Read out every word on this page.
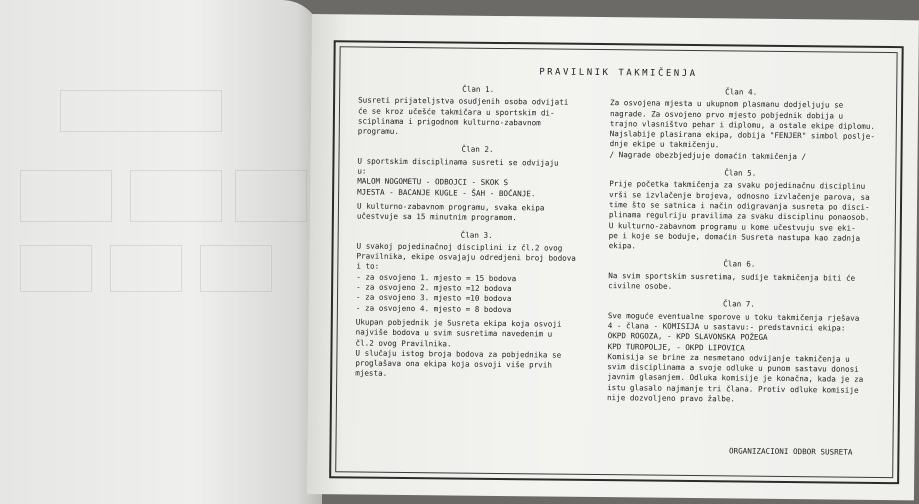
PRAVILNIK TAKMIČENJA
Član 1.
Susreti prijateljstva osudjenih osoba odvijati
će se kroz učešće takmičara u sportskim di-
sciplinama i prigodnom kulturno-zabavnom
programu.
Član 2.
U sportskim disciplinama susreti se odvijaju
u:
MALOM NOGOMETU - ODBOJCI - SKOK S
MJESTA - BACANJE KUGLE - ŠAH - BOĆANJE.
U kulturno-zabavnom programu, svaka ekipa
učestvuje sa 15 minutnim programom.
Član 3.
U svakoj pojedinačnoj disciplini iz čl.2 ovog
Pravilnika, ekipe osvajaju odredjeni broj bodova
i to:
- za osvojeno 1. mjesto = 15 bodova
- za osvojeno 2. mjesto =12 bodova
- za osvojeno 3. mjesto =10 bodova
- za osvojeno 4. mjesto = 8 bodova
Ukupan pobjednik je Susreta ekipa koja osvoji
najviše bodova u svim susretima navedenim u
čl.2 ovog Pravilnika.
U slučaju istog broja bodova za pobjednika se
proglašava ona ekipa koja osvoji više prvih
mjesta.
Član 4.
Za osvojena mjesta u ukupnom plasmanu dodjeljuju se
nagrade. Za osvojeno prvo mjesto pobjednik dobija u
trajno vlasništvo pehar i diplomu, a ostale ekipe diplomu.
Najslabije plasirana ekipa, dobija "FENJER" simbol poslje-
dnje ekipe u takmičenju.
/ Nagrade obezbjedjuje domaćin takmičenja /
Član 5.
Prije početka takmičenja za svaku pojedinačnu disciplinu
vrši se izvlačenje brojeva, odnosno izvlačenje parova, sa
time što se satnica i način odigravanja susreta po disci-
plinama regulriju pravilima za svaku disciplinu ponaosob.
U kulturno-zabavnom programu u kome učestvuju sve eki-
pe i koje se boduje, domaćin Susreta nastupa kao zadnja
ekipa.
Član 6.
Na svim sportskim susretima, sudije takmičenja biti će
civilne osobe.
Član 7.
Sve moguće eventualne sporove u toku takmičenja rješava
4 - člana - KOMISIJA u sastavu:- predstavnici ekipa:
OKPD ROGOZA, - KPD SLAVONSKA POŽEGA
KPD TUROPOLJE, - OKPD LIPOVICA
Komisija se brine za nesmetano odvijanje takmičenja u
svim disciplinama a svoje odluke u punom sastavu donosi
javnim glasanjem. Odluka komisije je konačna, kada je za
istu glasalo najmanje tri člana. Protiv odluke komisije
nije dozvoljeno pravo žalbe.
ORGANIZACIONI ODBOR SUSRETA
